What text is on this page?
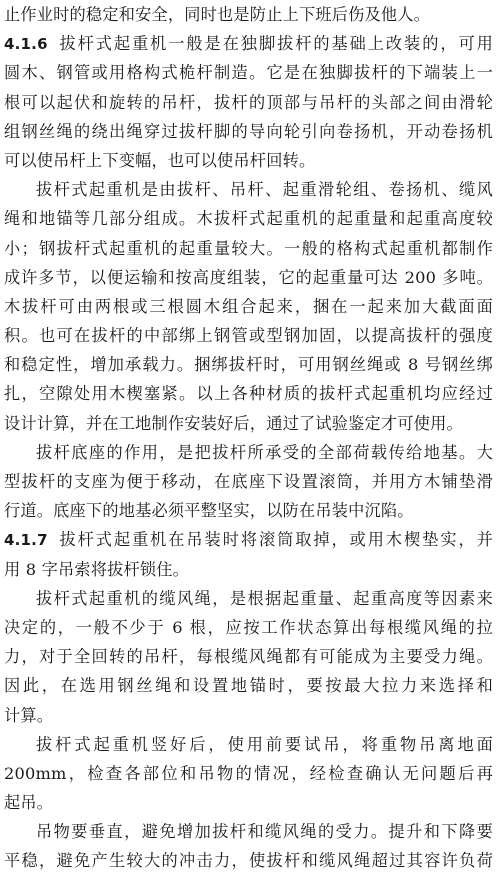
止作业时的稳定和安全，同时也是防止上下班后伤及他人。
4.1.6 拔杆式起重机一般是在独脚拔杆的基础上改装的，可用
圆木、钢管或用格构式桅杆制造。它是在独脚拔杆的下端装上一
根可以起伏和旋转的吊杆，拔杆的顶部与吊杆的头部之间由滑轮
组钢丝绳的绕出绳穿过拔杆脚的导向轮引向卷扬机，开动卷扬机
可以使吊杆上下变幅，也可以使吊杆回转。
拔杆式起重机是由拔杆、吊杆、起重滑轮组、卷扬机、缆风
绳和地锚等几部分组成。木拔杆式起重机的起重量和起重高度较
小；钢拔杆式起重机的起重量较大。一般的格构式起重机都制作
成许多节，以便运输和按高度组装，它的起重量可达 200 多吨。
木拔杆可由两根或三根圆木组合起来，捆在一起来加大截面面
积。也可在拔杆的中部绑上钢管或型钢加固，以提高拔杆的强度
和稳定性，增加承载力。捆绑拔杆时，可用钢丝绳或 8 号钢丝绑
扎，空隙处用木楔塞紧。以上各种材质的拔杆式起重机均应经过
设计计算，并在工地制作安装好后，通过了试验鉴定才可使用。
拔杆底座的作用，是把拔杆所承受的全部荷载传给地基。大
型拔杆的支座为便于移动，在底座下设置滚筒，并用方木铺垫滑
行道。底座下的地基必须平整坚实，以防在吊装中沉陷。
4.1.7 拔杆式起重机在吊装时将滚筒取掉，或用木楔垫实，并
用 8 字吊索将拔杆锁住。
拔杆式起重机的缆风绳，是根据起重量、起重高度等因素来
决定的，一般不少于 6 根，应按工作状态算出每根缆风绳的拉
力，对于全回转的吊杆，每根缆风绳都有可能成为主要受力绳。
因此，在选用钢丝绳和设置地锚时，要按最大拉力来选择和
计算。
拔杆式起重机竖好后，使用前要试吊，将重物吊离地面
200mm，检查各部位和吊物的情况，经检查确认无问题后再
起吊。
吊物要垂直，避免增加拔杆和缆风绳的受力。提升和下降要
平稳，避免产生较大的冲击力，使拔杆和缆风绳超过其容许负荷
